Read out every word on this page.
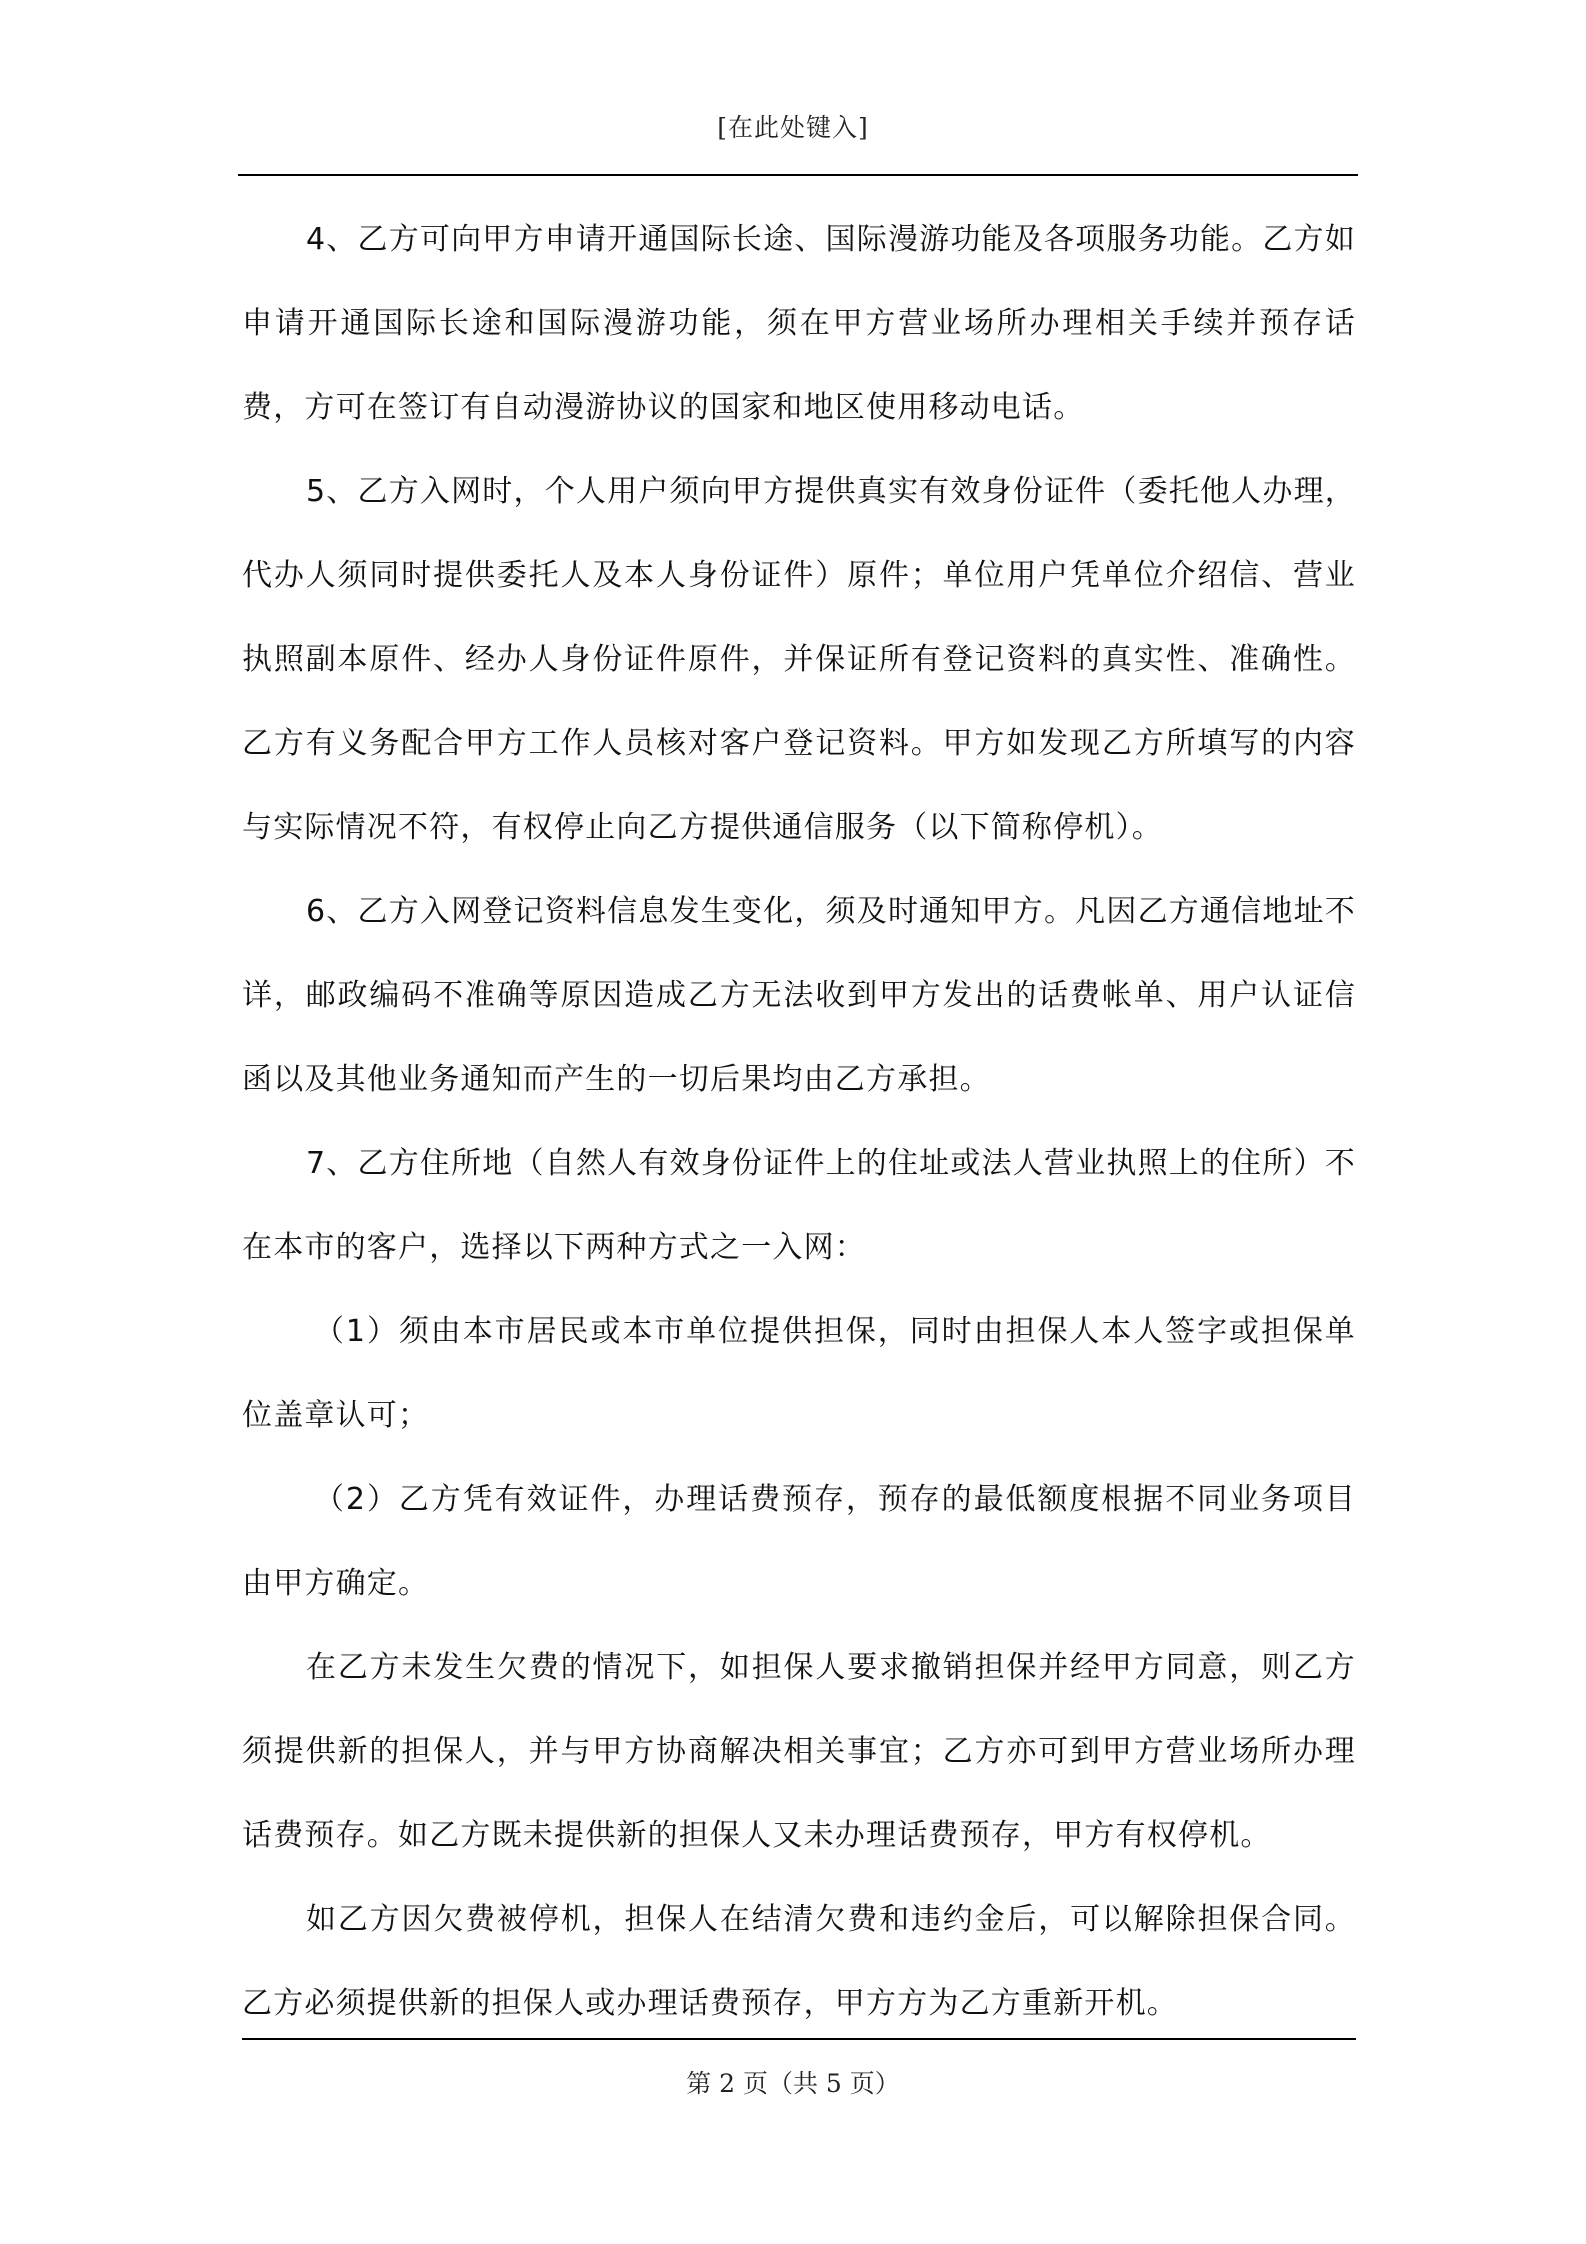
[在此处键入]

4、乙方可向甲方申请开通国际长途、国际漫游功能及各项服务功能。乙方如申请开通国际长途和国际漫游功能，须在甲方营业场所办理相关手续并预存话费，方可在签订有自动漫游协议的国家和地区使用移动电话。

5、乙方入网时，个人用户须向甲方提供真实有效身份证件（委托他人办理，代办人须同时提供委托人及本人身份证件）原件；单位用户凭单位介绍信、营业执照副本原件、经办人身份证件原件，并保证所有登记资料的真实性、准确性。乙方有义务配合甲方工作人员核对客户登记资料。甲方如发现乙方所填写的内容与实际情况不符，有权停止向乙方提供通信服务（以下简称停机）。

6、乙方入网登记资料信息发生变化，须及时通知甲方。凡因乙方通信地址不详，邮政编码不准确等原因造成乙方无法收到甲方发出的话费帐单、用户认证信函以及其他业务通知而产生的一切后果均由乙方承担。

7、乙方住所地（自然人有效身份证件上的住址或法人营业执照上的住所）不在本市的客户，选择以下两种方式之一入网：

（1）须由本市居民或本市单位提供担保，同时由担保人本人签字或担保单位盖章认可；

（2）乙方凭有效证件，办理话费预存，预存的最低额度根据不同业务项目由甲方确定。

在乙方未发生欠费的情况下，如担保人要求撤销担保并经甲方同意，则乙方须提供新的担保人，并与甲方协商解决相关事宜；乙方亦可到甲方营业场所办理话费预存。如乙方既未提供新的担保人又未办理话费预存，甲方有权停机。

如乙方因欠费被停机，担保人在结清欠费和违约金后，可以解除担保合同。乙方必须提供新的担保人或办理话费预存，甲方方为乙方重新开机。

第 2 页（共 5 页）
